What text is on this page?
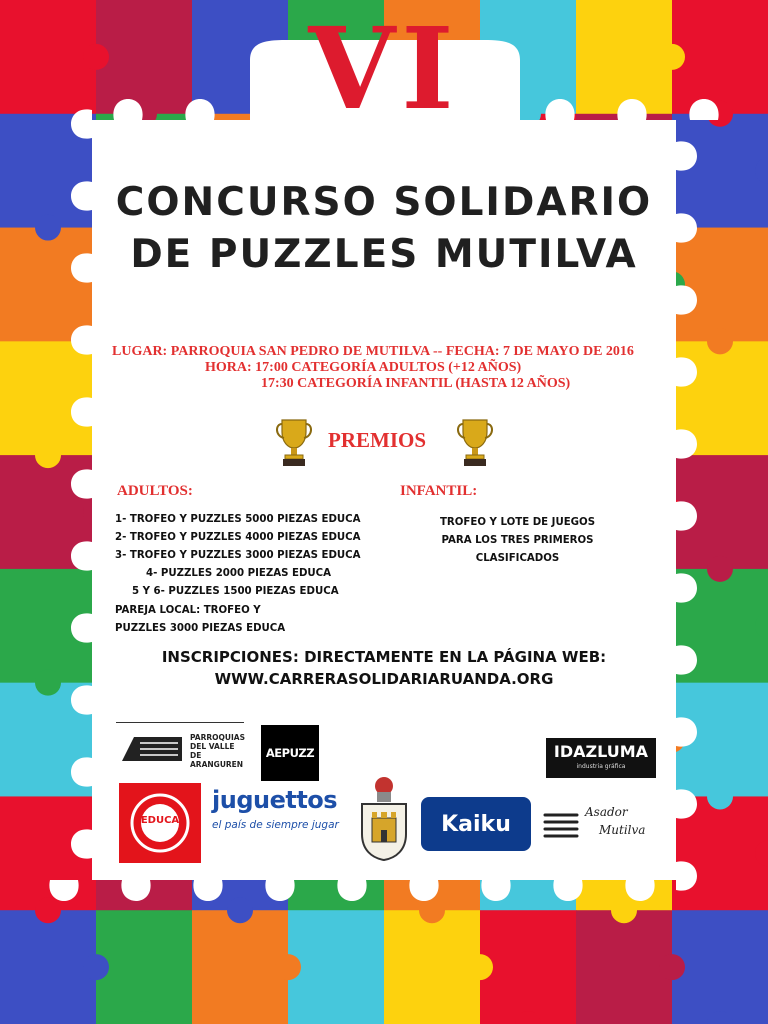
VI
CONCURSO SOLIDARIO
DE PUZZLES MUTILVA
LUGAR: PARROQUIA SAN PEDRO DE MUTILVA -- FECHA: 7 DE MAYO DE 2016
HORA: 17:00 CATEGORÍA ADULTOS (+12 AÑOS)
17:30 CATEGORÍA INFANTIL (HASTA 12 AÑOS)
PREMIOS
ADULTOS:
1- TROFEO Y PUZZLES 5000 PIEZAS EDUCA
2- TROFEO Y PUZZLES 4000 PIEZAS EDUCA
3- TROFEO Y PUZZLES 3000 PIEZAS EDUCA
4- PUZZLES 2000 PIEZAS EDUCA
5 Y 6- PUZZLES 1500 PIEZAS EDUCA
PAREJA LOCAL: TROFEO Y
PUZZLES 3000 PIEZAS EDUCA
INFANTIL:
TROFEO Y LOTE DE JUEGOS
PARA LOS TRES PRIMEROS
CLASIFICADOS
INSCRIPCIONES: DIRECTAMENTE EN LA PÁGINA WEB:
WWW.CARRERASOLIDARIARUANDA.ORG
PARROQUIAS
DEL VALLE DE
ARANGUREN
AEPUZZ	IDAZLUMA
industria gráfica
EDUCA
juguettos
el país de siempre jugar	Kaiku	Asador
Mutilva
